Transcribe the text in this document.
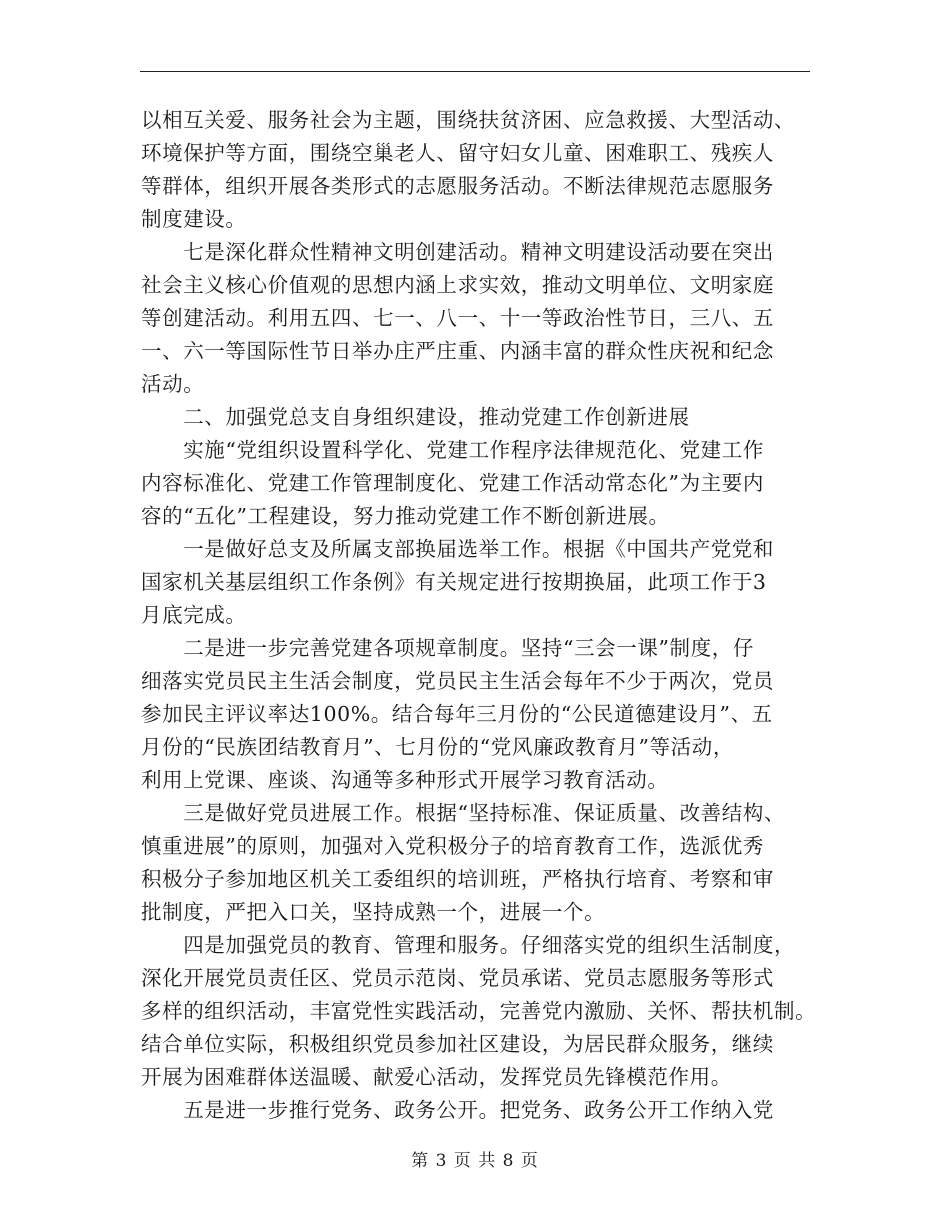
以相互关爱、服务社会为主题，围绕扶贫济困、应急救援、大型活动、
环境保护等方面，围绕空巢老人、留守妇女儿童、困难职工、残疾人
等群体，组织开展各类形式的志愿服务活动。不断法律规范志愿服务
制度建设。
　　七是深化群众性精神文明创建活动。精神文明建设活动要在突出
社会主义核心价值观的思想内涵上求实效，推动文明单位、文明家庭
等创建活动。利用五四、七一、八一、十一等政治性节日，三八、五
一、六一等国际性节日举办庄严庄重、内涵丰富的群众性庆祝和纪念
活动。
　　二、加强党总支自身组织建设，推动党建工作创新进展
　　实施“党组织设置科学化、党建工作程序法律规范化、党建工作
内容标准化、党建工作管理制度化、党建工作活动常态化”为主要内
容的“五化”工程建设，努力推动党建工作不断创新进展。
　　一是做好总支及所属支部换届选举工作。根据《中国共产党党和
国家机关基层组织工作条例》有关规定进行按期换届，此项工作于3
月底完成。
　　二是进一步完善党建各项规章制度。坚持“三会一课”制度，仔
细落实党员民主生活会制度，党员民主生活会每年不少于两次，党员
参加民主评议率达100%。结合每年三月份的“公民道德建设月”、五
月份的“民族团结教育月”、七月份的“党风廉政教育月”等活动，
利用上党课、座谈、沟通等多种形式开展学习教育活动。
　　三是做好党员进展工作。根据“坚持标准、保证质量、改善结构、
慎重进展”的原则，加强对入党积极分子的培育教育工作，选派优秀
积极分子参加地区机关工委组织的培训班，严格执行培育、考察和审
批制度，严把入口关，坚持成熟一个，进展一个。
　　四是加强党员的教育、管理和服务。仔细落实党的组织生活制度，
深化开展党员责任区、党员示范岗、党员承诺、党员志愿服务等形式
多样的组织活动，丰富党性实践活动，完善党内激励、关怀、帮扶机制。
结合单位实际，积极组织党员参加社区建设，为居民群众服务，继续
开展为困难群体送温暖、献爱心活动，发挥党员先锋模范作用。
　　五是进一步推行党务、政务公开。把党务、政务公开工作纳入党
第 3 页 共 8 页
